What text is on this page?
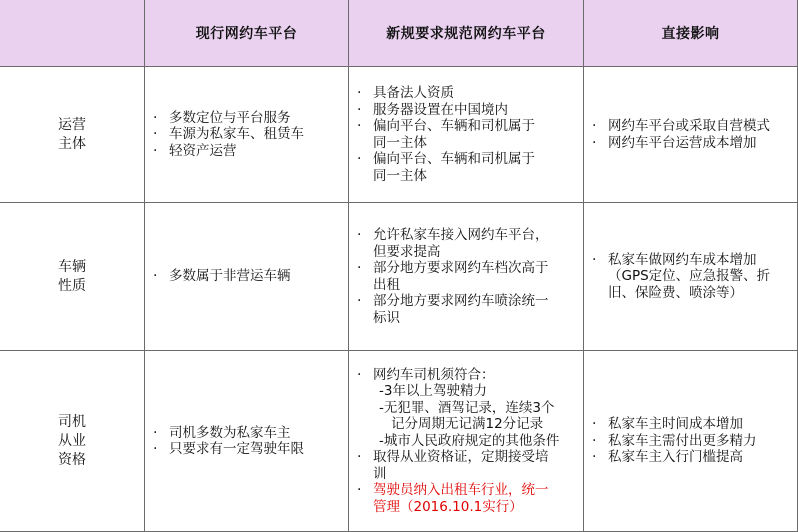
现行网约车平台	新规要求规范网约车平台	直接影响
运营
主体
· 多数定位与平台服务
· 车源为私家车、租赁车
· 轻资产运营
· 具备法人资质
· 服务器设置在中国境内
· 偏向平台、车辆和司机属于
同一主体
· 偏向平台、车辆和司机属于
同一主体
· 网约车平台或采取自营模式
· 网约车平台运营成本增加
车辆
性质
· 多数属于非营运车辆
· 允许私家车接入网约车平台，
但要求提高
· 部分地方要求网约车档次高于
出租
· 部分地方要求网约车喷涂统一
标识
· 私家车做网约车成本增加
（GPS定位、应急报警、折
旧、保险费、喷涂等）
司机
从业
资格
· 司机多数为私家车主
· 只要求有一定驾驶年限
· 网约车司机须符合：
-3年以上驾驶精力
-无犯罪、酒驾记录，连续3个
记分周期无记满12分记录
-城市人民政府规定的其他条件
· 取得从业资格证，定期接受培
训
· 驾驶员纳入出租车行业，统一
管理（2016.10.1实行）
· 私家车主时间成本增加
· 私家车主需付出更多精力
· 私家车主入行门槛提高
